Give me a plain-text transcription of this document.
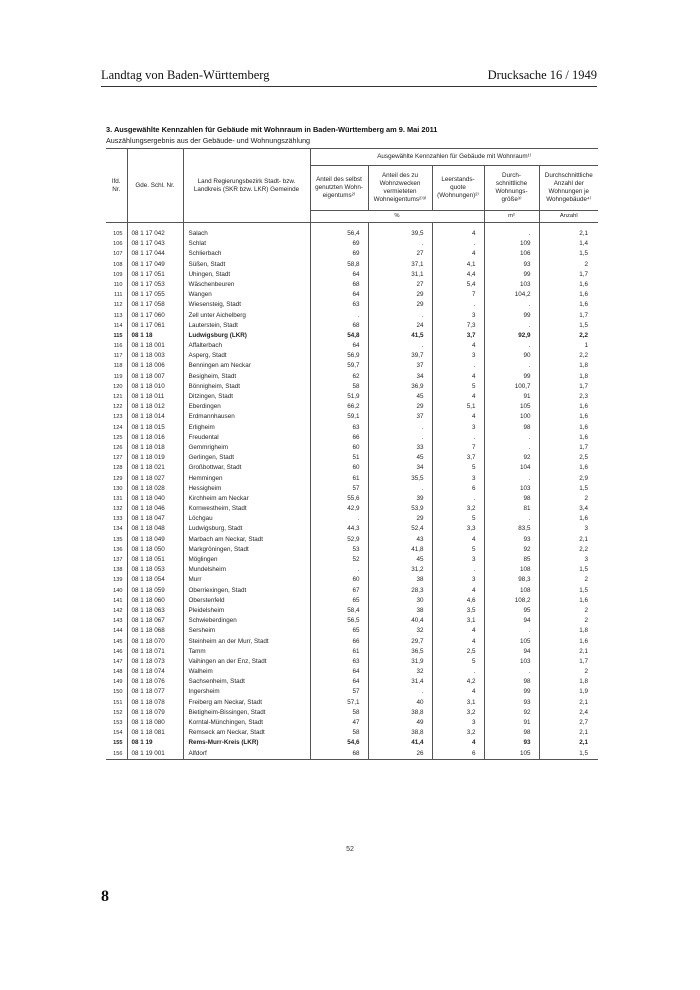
Landtag von Baden-Württemberg	Drucksache 16 / 1949
3. Ausgewählte Kennzahlen für Gebäude mit Wohnraum in Baden-Württemberg am 9. Mai 2011
Auszählungsergebnis aus der Gebäude- und Wohnungszählung
lfd. Nr.	Gde. Schl. Nr.	Land Regierungsbezirk Stadt- bzw. Landkreis (SKR bzw. LKR) Gemeinde	Ausgewählte Kennzahlen für Gebäude mit Wohnraum¹⁾				
			Anteil des selbst genutzten Wohn- eigentums²⁾	Anteil des zu Wohnzwecken vermieteten Wohneigentums²⁾³⁾	Leerstands- quote (Wohnungen)²⁾	Durch- schnittliche Wohnungs- größe³⁾	Durchschnittliche Anzahl der Wohnungen je Wohngebäude⁴⁾
			%			m²	Anzahl
105	08 1 17 042	Salach	56,4	39,5	4	.	2,1
106	08 1 17 043	Schlat	69	.	.	109	1,4
107	08 1 17 044	Schlierbach	69	27	4	106	1,5
108	08 1 17 049	Süßen, Stadt	58,8	37,1	4,1	93	2
109	08 1 17 051	Uhingen, Stadt	64	31,1	4,4	99	1,7
110	08 1 17 053	Wäschenbeuren	68	27	5,4	103	1,6
111	08 1 17 055	Wangen	64	29	7	104,2	1,6
112	08 1 17 058	Wiesensteig, Stadt	63	29	.	.	1,6
113	08 1 17 060	Zell unter Aichelberg	.	.	3	99	1,7
114	08 1 17 061	Lauterstein, Stadt	68	24	7,3	.	1,5
115	08 1 18	Ludwigsburg (LKR)	54,8	41,5	3,7	92,9	2,2
116	08 1 18 001	Affalterbach	64	.	4	.	1
117	08 1 18 003	Asperg, Stadt	56,9	39,7	3	90	2,2
118	08 1 18 006	Benningen am Neckar	59,7	37	.	.	1,8
119	08 1 18 007	Besigheim, Stadt	62	34	4	99	1,8
120	08 1 18 010	Bönnigheim, Stadt	58	36,9	5	100,7	1,7
121	08 1 18 011	Ditzingen, Stadt	51,9	45	4	91	2,3
122	08 1 18 012	Eberdingen	66,2	29	5,1	105	1,6
123	08 1 18 014	Erdmannhausen	59,1	37	4	100	1,6
124	08 1 18 015	Erligheim	63	.	3	98	1,6
125	08 1 18 016	Freudental	66	.	.	.	1,6
126	08 1 18 018	Gemmrigheim	60	33	7	.	1,7
127	08 1 18 019	Gerlingen, Stadt	51	45	3,7	92	2,5
128	08 1 18 021	Großbottwar, Stadt	60	34	5	104	1,6
129	08 1 18 027	Hemmingen	61	35,5	3	.	2,9
130	08 1 18 028	Hessigheim	57	.	6	103	1,5
131	08 1 18 040	Kirchheim am Neckar	55,6	39	.	98	2
132	08 1 18 046	Kornwestheim, Stadt	42,9	53,9	3,2	81	3,4
133	08 1 18 047	Löchgau	.	29	5	.	1,6
134	08 1 18 048	Ludwigsburg, Stadt	44,3	52,4	3,3	83,5	3
135	08 1 18 049	Marbach am Neckar, Stadt	52,9	43	4	93	2,1
136	08 1 18 050	Markgröningen, Stadt	53	41,8	5	92	2,2
137	08 1 18 051	Möglingen	52	45	3	85	3
138	08 1 18 053	Mundelsheim	.	31,2	.	108	1,5
139	08 1 18 054	Murr	60	38	3	98,3	2
140	08 1 18 059	Oberriexingen, Stadt	67	28,3	4	108	1,5
141	08 1 18 060	Oberstenfeld	65	30	4,6	108,2	1,6
142	08 1 18 063	Pleidelsheim	58,4	38	3,5	95	2
143	08 1 18 067	Schwieberdingen	56,5	40,4	3,1	94	2
144	08 1 18 068	Sersheim	65	32	4	.	1,8
145	08 1 18 070	Steinheim an der Murr, Stadt	66	29,7	4	105	1,6
146	08 1 18 071	Tamm	61	36,5	2,5	94	2,1
147	08 1 18 073	Vaihingen an der Enz, Stadt	63	31,9	5	103	1,7
148	08 1 18 074	Walheim	64	32	.	.	2
149	08 1 18 076	Sachsenheim, Stadt	64	31,4	4,2	98	1,8
150	08 1 18 077	Ingersheim	57	.	4	99	1,9
151	08 1 18 078	Freiberg am Neckar, Stadt	57,1	40	3,1	93	2,1
152	08 1 18 079	Bietigheim-Bissingen, Stadt	58	38,8	3,2	92	2,4
153	08 1 18 080	Korntal-Münchingen, Stadt	47	49	3	91	2,7
154	08 1 18 081	Remseck am Neckar, Stadt	58	38,8	3,2	98	2,1
155	08 1 19	Rems-Murr-Kreis (LKR)	54,6	41,4	4	93	2,1
156	08 1 19 001	Alfdorf	68	26	6	105	1,5
52
8
